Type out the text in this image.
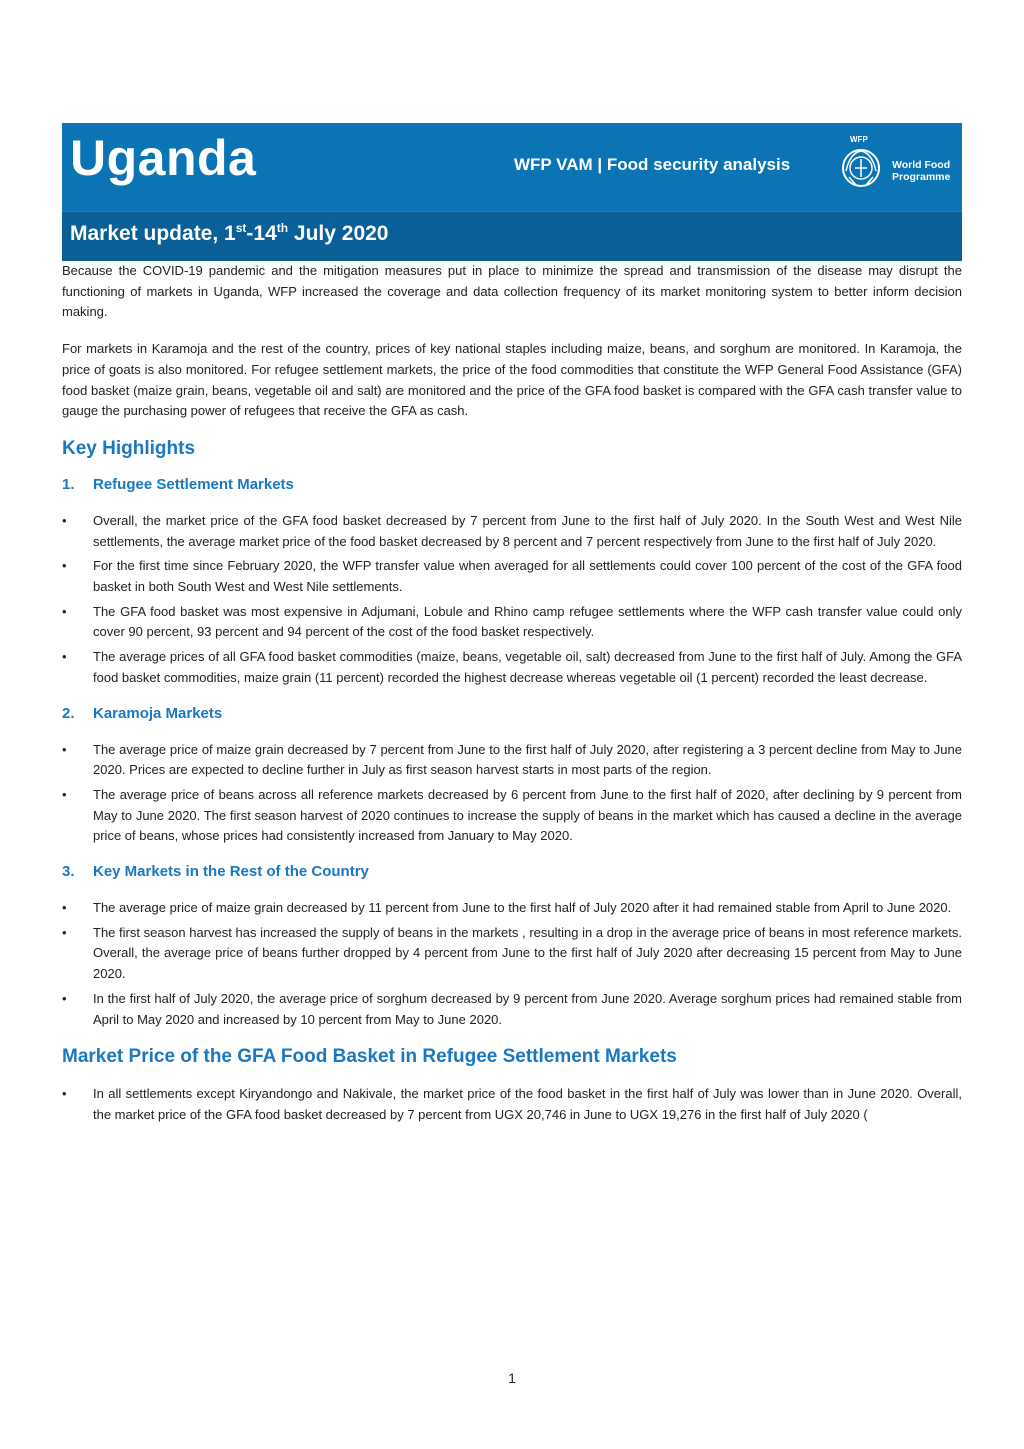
Uganda	WFP VAM | Food security analysis
WFP
World Food
Programme
Market update, 1st-14th July 2020

Because the COVID-19 pandemic and the mitigation measures put in place to minimize the spread and transmission of the disease may disrupt the functioning of markets in Uganda, WFP increased the coverage and data collection frequency of its market monitoring system to better inform decision making.

For markets in Karamoja and the rest of the country, prices of key national staples including maize, beans, and sorghum are monitored. In Karamoja, the price of goats is also monitored. For refugee settlement markets, the price of the food commodities that constitute the WFP General Food Assistance (GFA) food basket (maize grain, beans, vegetable oil and salt) are monitored and the price of the GFA food basket is compared with the GFA cash transfer value to gauge the purchasing power of refugees that receive the GFA as cash.

Key Highlights
1. Refugee Settlement Markets
• Overall, the market price of the GFA food basket decreased by 7 percent from June to the first half of July 2020. In the South West and West Nile settlements, the average market price of the food basket decreased by 8 percent and 7 percent respectively from June to the first half of July 2020.
• For the first time since February 2020, the WFP transfer value when averaged for all settlements could cover 100 percent of the cost of the GFA food basket in both South West and West Nile settlements.
• The GFA food basket was most expensive in Adjumani, Lobule and Rhino camp refugee settlements where the WFP cash transfer value could only cover 90 percent, 93 percent and 94 percent of the cost of the food basket respectively.
• The average prices of all GFA food basket commodities (maize, beans, vegetable oil, salt) decreased from June to the first half of July. Among the GFA food basket commodities, maize grain (11 percent) recorded the highest decrease whereas vegetable oil (1 percent) recorded the least decrease.
2. Karamoja Markets
• The average price of maize grain decreased by 7 percent from June to the first half of July 2020, after registering a 3 percent decline from May to June 2020. Prices are expected to decline further in July as first season harvest starts in most parts of the region.
• The average price of beans across all reference markets decreased by 6 percent from June to the first half of 2020, after declining by 9 percent from May to June 2020. The first season harvest of 2020 continues to increase the supply of beans in the market which has caused a decline in the average price of beans, whose prices had consistently increased from January to May 2020.
3. Key Markets in the Rest of the Country
• The average price of maize grain decreased by 11 percent from June to the first half of July 2020 after it had remained stable from April to June 2020.
• The first season harvest has increased the supply of beans in the markets , resulting in a drop in the average price of beans in most reference markets. Overall, the average price of beans further dropped by 4 percent from June to the first half of July 2020 after decreasing 15 percent from May to June 2020.
• In the first half of July 2020, the average price of sorghum decreased by 9 percent from June 2020. Average sorghum prices had remained stable from April to May 2020 and increased by 10 percent from May to June 2020.
Market Price of the GFA Food Basket in Refugee Settlement Markets
• In all settlements except Kiryandongo and Nakivale, the market price of the food basket in the first half of July was lower than in June 2020. Overall, the market price of the GFA food basket decreased by 7 percent from UGX 20,746 in June to UGX 19,276 in the first half of July 2020 (
1
